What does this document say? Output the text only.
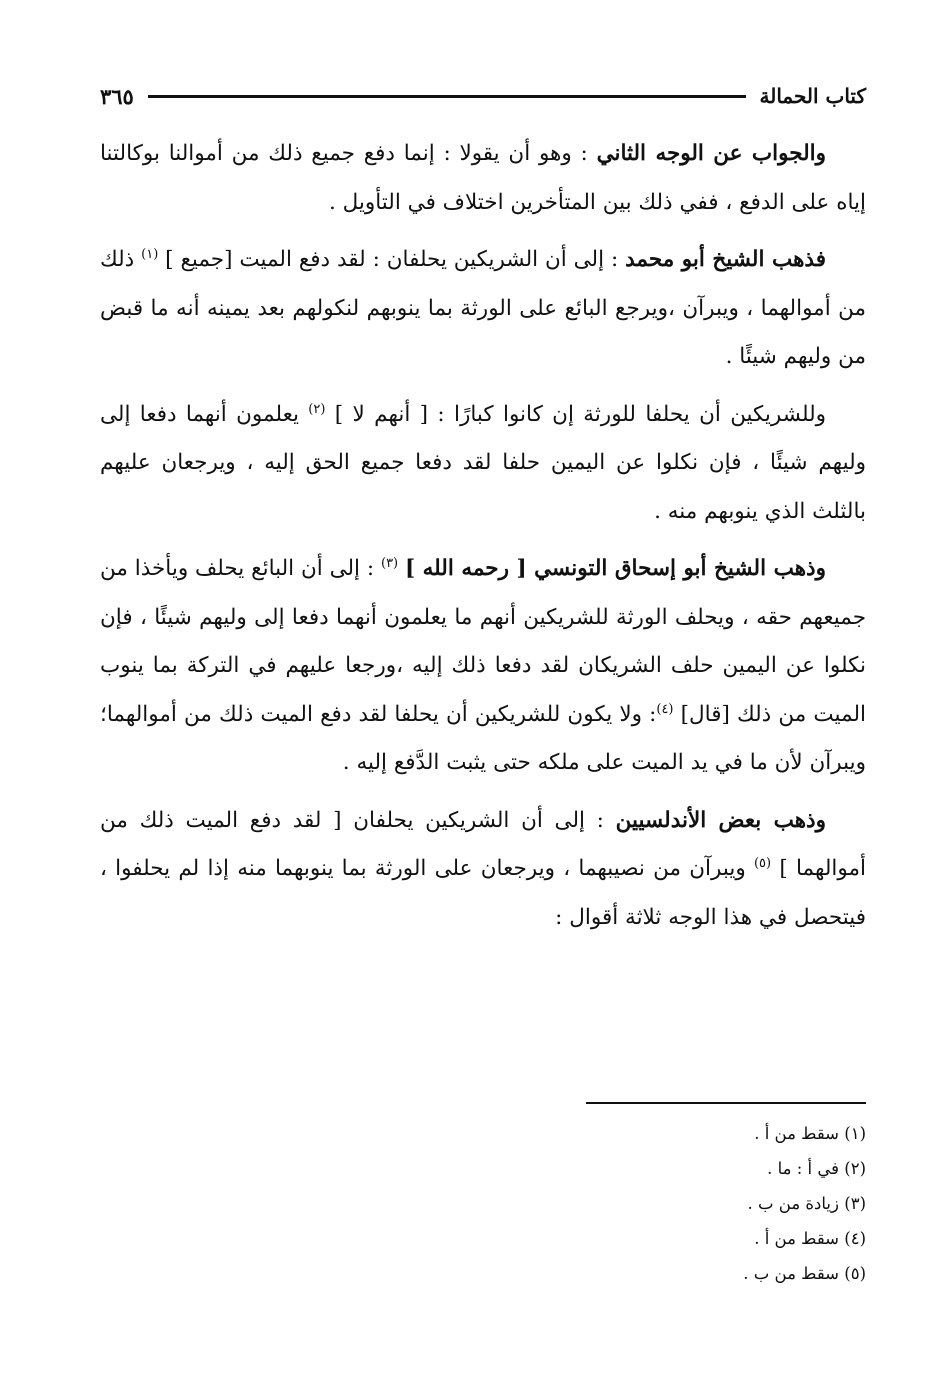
كتاب الحمالة
٣٦٥

والجواب عن الوجه الثاني : وهو أن يقولا : إنما دفع جميع ذلك من أموالنا بوكالتنا إياه على الدفع ، ففي ذلك بين المتأخرين اختلاف في التأويل .

فذهب الشيخ أبو محمد : إلى أن الشريكين يحلفان : لقد دفع الميت [جميع ] $^{(١)}$ ذلك من أموالهما ، ويبرآن ،ويرجع البائع على الورثة بما ينوبهم لنكولهم بعد يمينه أنه ما قبض من وليهم شيئًا .

وللشريكين أن يحلفا للورثة إن كانوا كبارًا : [ أنهم لا ] $^{(٢)}$ يعلمون أنهما دفعا إلى وليهم شيئًا ، فإن نكلوا عن اليمين حلفا لقد دفعا جميع الحق إليه ، ويرجعان عليهم بالثلث الذي ينوبهم منه .

وذهب الشيخ أبو إسحاق التونسي [ رحمه الله ] $^{(٣)}$ : إلى أن البائع يحلف ويأخذا من جميعهم حقه ، ويحلف الورثة للشريكين أنهم ما يعلمون أنهما دفعا إلى وليهم شيئًا ، فإن نكلوا عن اليمين حلف الشريكان لقد دفعا ذلك إليه ،ورجعا عليهم في التركة بما ينوب الميت من ذلك [قال] $^{(٤)}$: ولا يكون للشريكين أن يحلفا لقد دفع الميت ذلك من أموالهما؛ ويبرآن لأن ما في يد الميت على ملكه حتى يثبت الدَّفع إليه .

وذهب بعض الأندلسيين : إلى أن الشريكين يحلفان [ لقد دفع الميت ذلك من أموالهما ] $^{(٥)}$ ويبرآن من نصيبهما ، ويرجعان على الورثة بما ينوبهما منه إذا لم يحلفوا ، فيتحصل في هذا الوجه ثلاثة أقوال :

(١) سقط من أ .
(٢) في أ : ما .
(٣) زيادة من ب .
(٤) سقط من أ .
(٥) سقط من ب .
